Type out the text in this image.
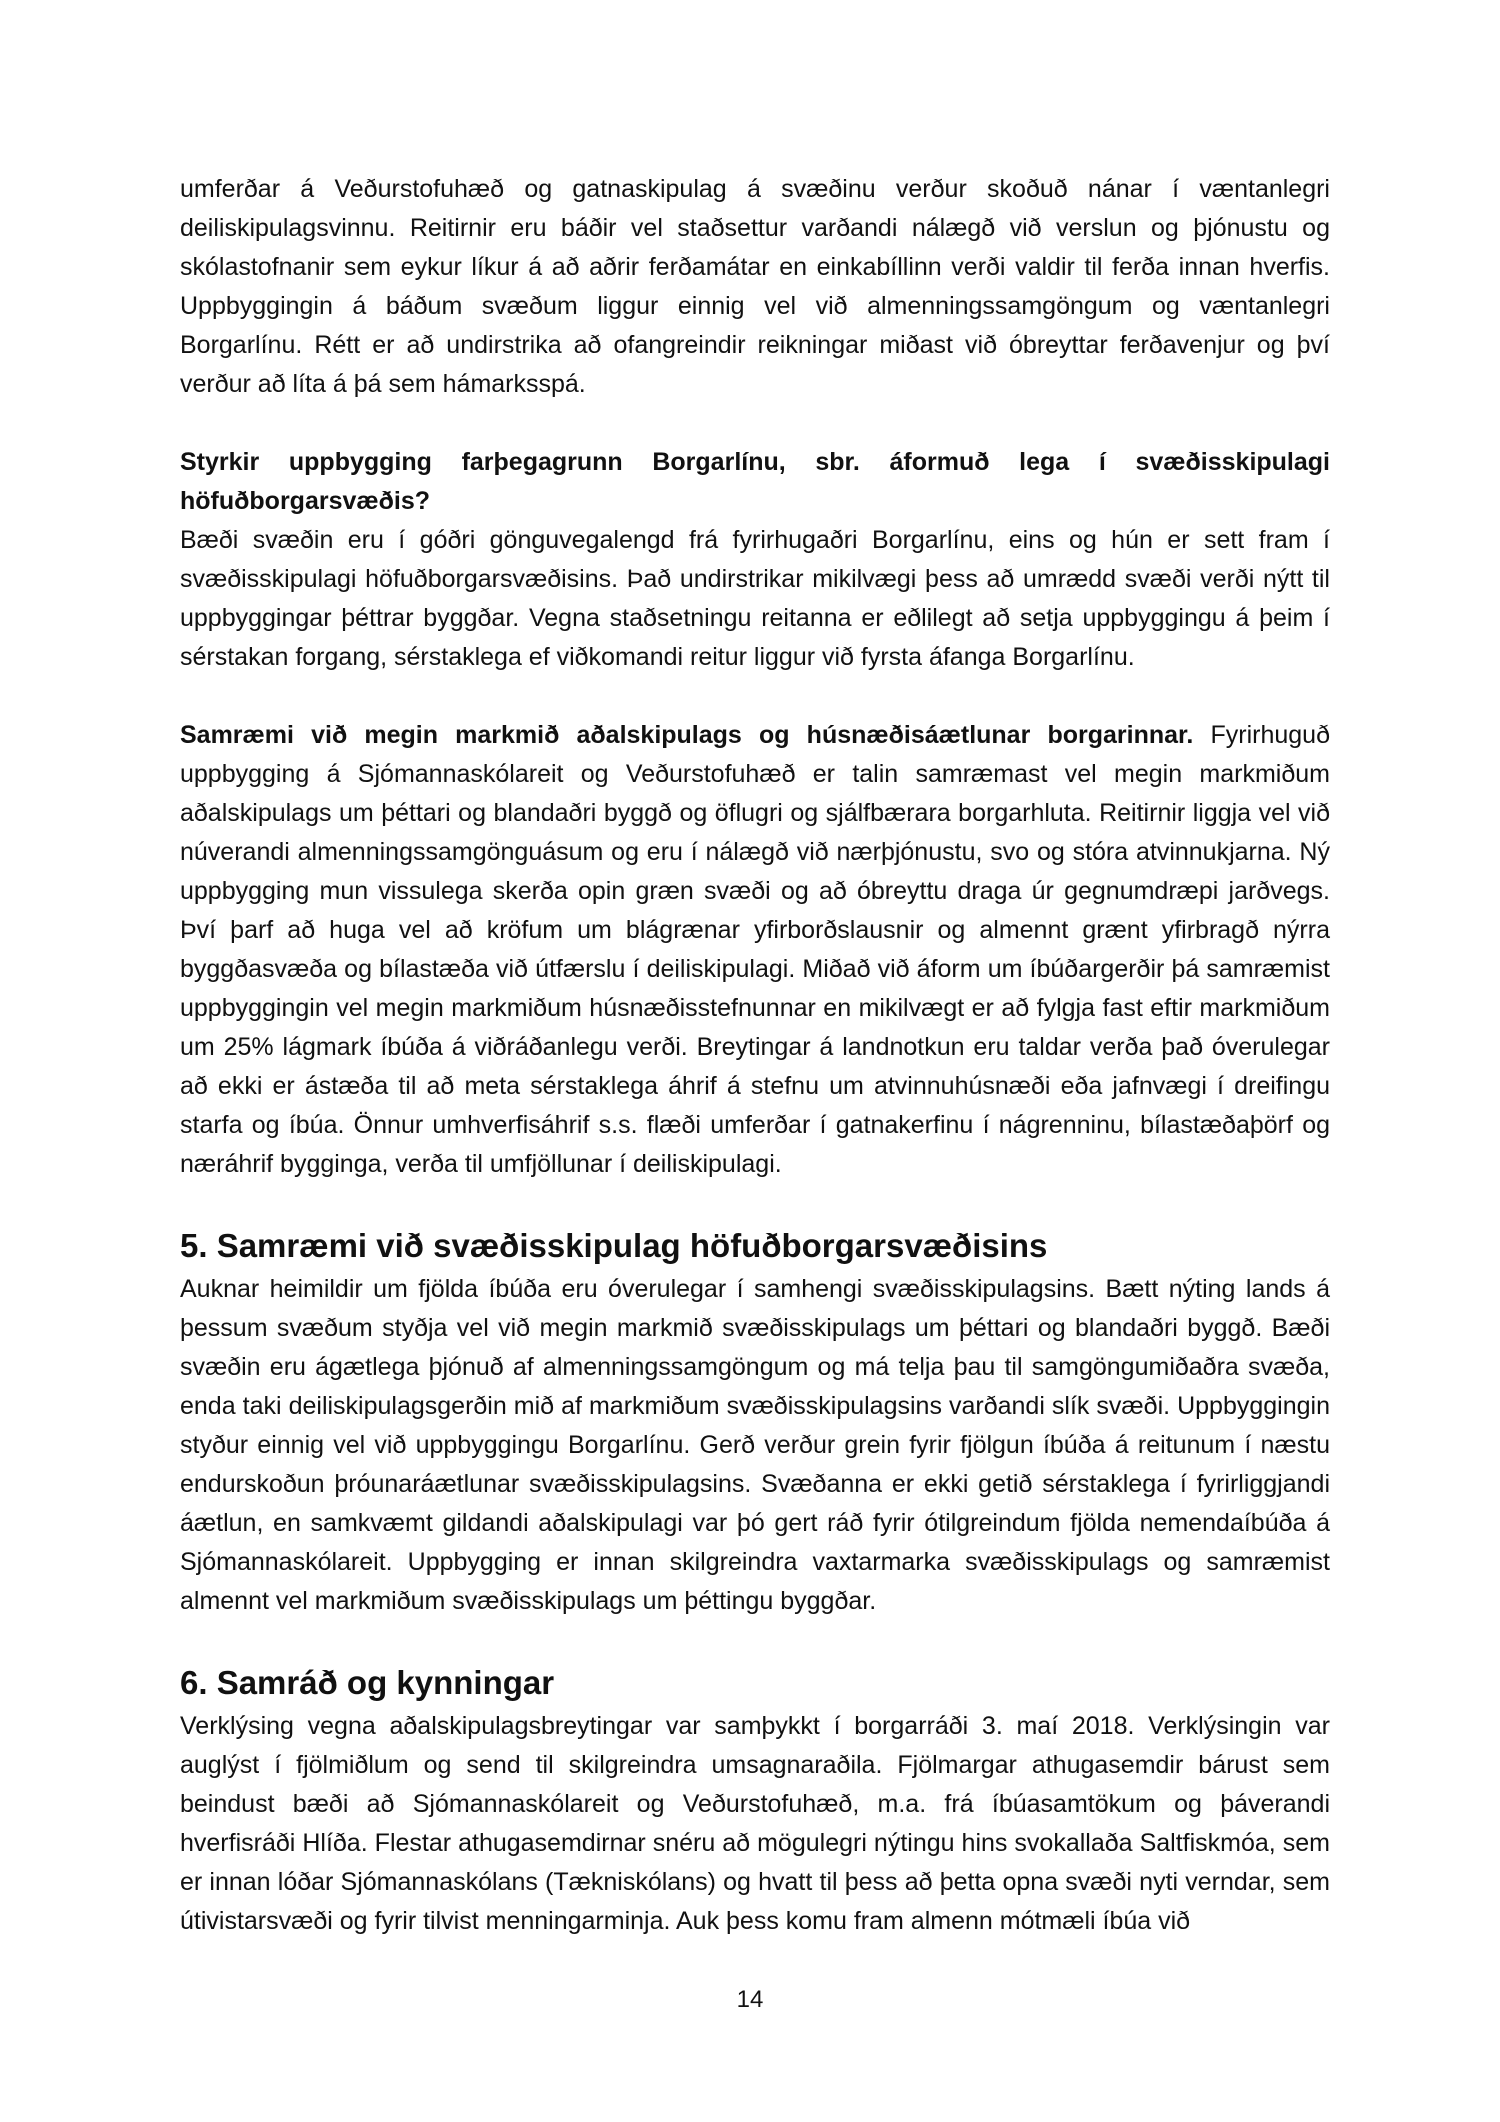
umferðar á Veðurstofuhæð og gatnaskipulag á svæðinu verður skoðuð nánar í væntanlegri deiliskipulagsvinnu. Reitirnir eru báðir vel staðsettur varðandi nálægð við verslun og þjónustu og skólastofnanir sem eykur líkur á að aðrir ferðamátar en einkabíllinn verði valdir til ferða innan hverfis. Uppbyggingin á báðum svæðum liggur einnig vel við almenningssamgöngum og væntanlegri Borgarlínu. Rétt er að undirstrika að ofangreindir reikningar miðast við óbreyttar ferðavenjur og því verður að líta á þá sem hámarksspá.

Styrkir uppbygging farþegagrunn Borgarlínu, sbr. áformuð lega í svæðisskipulagi höfuðborgarsvæðis?

Bæði svæðin eru í góðri gönguvegalengd frá fyrirhugaðri Borgarlínu, eins og hún er sett fram í svæðisskipulagi höfuðborgarsvæðisins. Það undirstrikar mikilvægi þess að umrædd svæði verði nýtt til uppbyggingar þéttrar byggðar. Vegna staðsetningu reitanna er eðlilegt að setja uppbyggingu á þeim í sérstakan forgang, sérstaklega ef viðkomandi reitur liggur við fyrsta áfanga Borgarlínu.

Samræmi við megin markmið aðalskipulags og húsnæðisáætlunar borgarinnar. Fyrirhuguð uppbygging á Sjómannaskólareit og Veðurstofuhæð er talin samræmast vel megin markmiðum aðalskipulags um þéttari og blandaðri byggð og öflugri og sjálfbærara borgarhluta. Reitirnir liggja vel við núverandi almenningssamgönguásum og eru í nálægð við nærþjónustu, svo og stóra atvinnukjarna. Ný uppbygging mun vissulega skerða opin græn svæði og að óbreyttu draga úr gegnumdræpi jarðvegs. Því þarf að huga vel að kröfum um blágrænar yfirborðslausnir og almennt grænt yfirbragð nýrra byggðasvæða og bílastæða við útfærslu í deiliskipulagi. Miðað við áform um íbúðargerðir þá samræmist uppbyggingin vel megin markmiðum húsnæðisstefnunnar en mikilvægt er að fylgja fast eftir markmiðum um 25% lágmark íbúða á viðráðanlegu verði. Breytingar á landnotkun eru taldar verða það óverulegar að ekki er ástæða til að meta sérstaklega áhrif á stefnu um atvinnuhúsnæði eða jafnvægi í dreifingu starfa og íbúa. Önnur umhverfisáhrif s.s. flæði umferðar í gatnakerfinu í nágrenninu, bílastæðaþörf og næráhrif bygginga, verða til umfjöllunar í deiliskipulagi.

5. Samræmi við svæðisskipulag höfuðborgarsvæðisins

Auknar heimildir um fjölda íbúða eru óverulegar í samhengi svæðisskipulagsins. Bætt nýting lands á þessum svæðum styðja vel við megin markmið svæðisskipulags um þéttari og blandaðri byggð. Bæði svæðin eru ágætlega þjónuð af almenningssamgöngum og má telja þau til samgöngumiðaðra svæða, enda taki deiliskipulagsgerðin mið af markmiðum svæðisskipulagsins varðandi slík svæði. Uppbyggingin styður einnig vel við uppbyggingu Borgarlínu. Gerð verður grein fyrir fjölgun íbúða á reitunum í næstu endurskoðun þróunaráætlunar svæðisskipulagsins. Svæðanna er ekki getið sérstaklega í fyrirliggjandi áætlun, en samkvæmt gildandi aðalskipulagi var þó gert ráð fyrir ótilgreindum fjölda nemendaíbúða á Sjómannaskólareit. Uppbygging er innan skilgreindra vaxtarmarka svæðisskipulags og samræmist almennt vel markmiðum svæðisskipulags um þéttingu byggðar.

6. Samráð og kynningar

Verklýsing vegna aðalskipulagsbreytingar var samþykkt í borgarráði 3. maí 2018. Verklýsingin var auglýst í fjölmiðlum og send til skilgreindra umsagnaraðila. Fjölmargar athugasemdir bárust sem beindust bæði að Sjómannaskólareit og Veðurstofuhæð, m.a. frá íbúasamtökum og þáverandi hverfisráði Hlíða. Flestar athugasemdirnar snéru að mögulegri nýtingu hins svokallaða Saltfiskmóa, sem er innan lóðar Sjómannaskólans (Tækniskólans) og hvatt til þess að þetta opna svæði nyti verndar, sem útivistarsvæði og fyrir tilvist menningarminja. Auk þess komu fram almenn mótmæli íbúa við

14
